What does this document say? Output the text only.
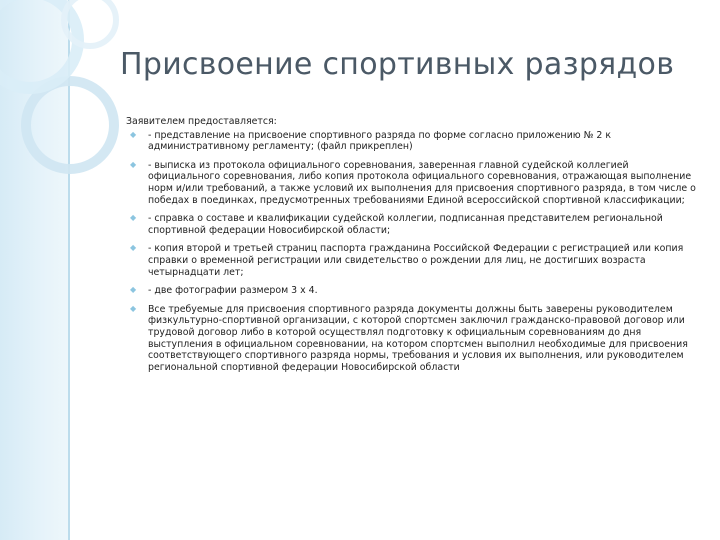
Присвоение спортивных разрядов

Заявителем предоставляется:

◆ - представление на присвоение спортивного разряда по форме согласно приложению № 2 к административному регламенту; (файл прикреплен)
◆ - выписка из протокола официального соревнования, заверенная главной судейской коллегией официального соревнования, либо копия протокола официального соревнования, отражающая выполнение норм и/или требований, а также условий их выполнения для присвоения спортивного разряда, в том числе о победах в поединках, предусмотренных требованиями Единой всероссийской спортивной классификации;
◆ - справка о составе и квалификации судейской коллегии, подписанная представителем региональной спортивной федерации Новосибирской области;
◆ - копия второй и третьей страниц паспорта гражданина Российской Федерации с регистрацией или копия справки о временной регистрации или свидетельство о рождении для лиц, не достигших возраста четырнадцати лет;
◆ - две фотографии размером 3 х 4.
◆ Все требуемые для присвоения спортивного разряда документы должны быть заверены руководителем физкультурно-спортивной организации, с которой спортсмен заключил гражданско-правовой договор или трудовой договор либо в которой осуществлял подготовку к официальным соревнованиям до дня выступления в официальном соревновании, на котором спортсмен выполнил необходимые для присвоения соответствующего спортивного разряда нормы, требования и условия их выполнения, или руководителем региональной спортивной федерации Новосибирской области
